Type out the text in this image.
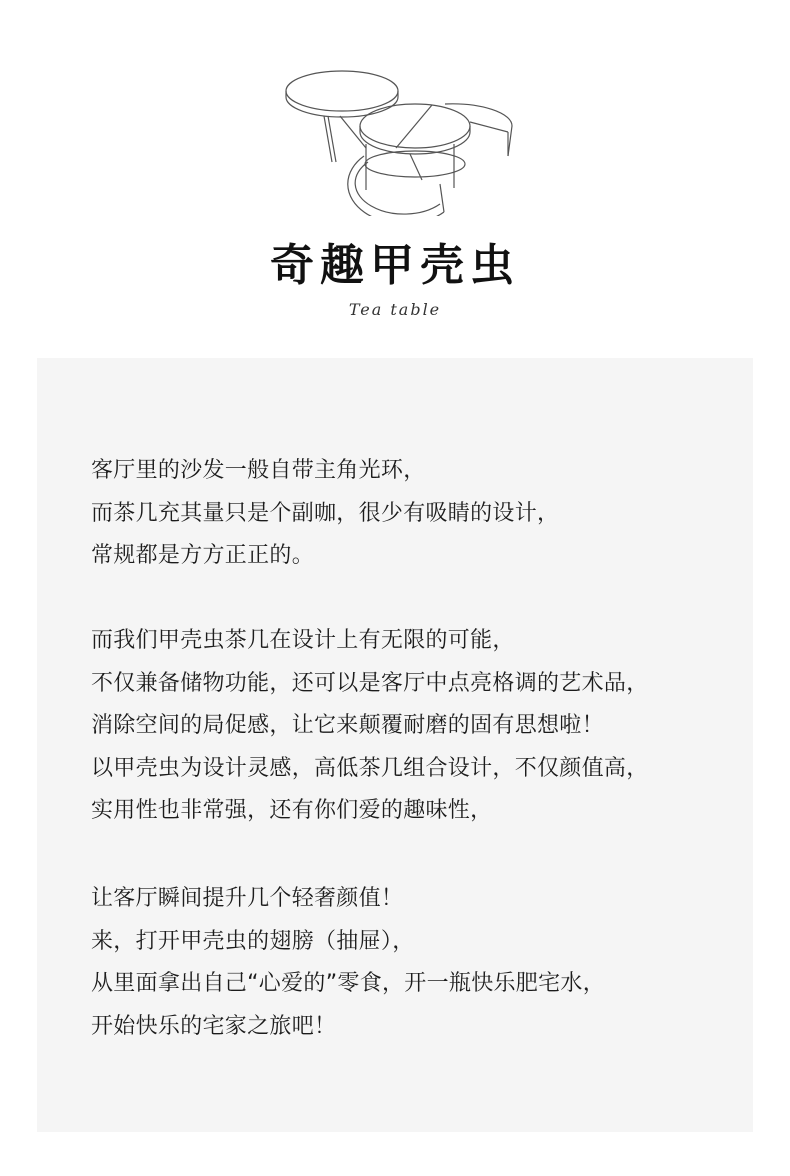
奇趣甲壳虫
Tea table
客厅里的沙发一般自带主角光环，
而茶几充其量只是个副咖，很少有吸睛的设计，
常规都是方方正正的。
而我们甲壳虫茶几在设计上有无限的可能，
不仅兼备储物功能，还可以是客厅中点亮格调的艺术品，
消除空间的局促感，让它来颠覆耐磨的固有思想啦！
以甲壳虫为设计灵感，高低茶几组合设计，不仅颜值高，
实用性也非常强，还有你们爱的趣味性，
让客厅瞬间提升几个轻奢颜值！
来，打开甲壳虫的翅膀（抽屉），
从里面拿出自己“心爱的”零食，开一瓶快乐肥宅水，
开始快乐的宅家之旅吧！
